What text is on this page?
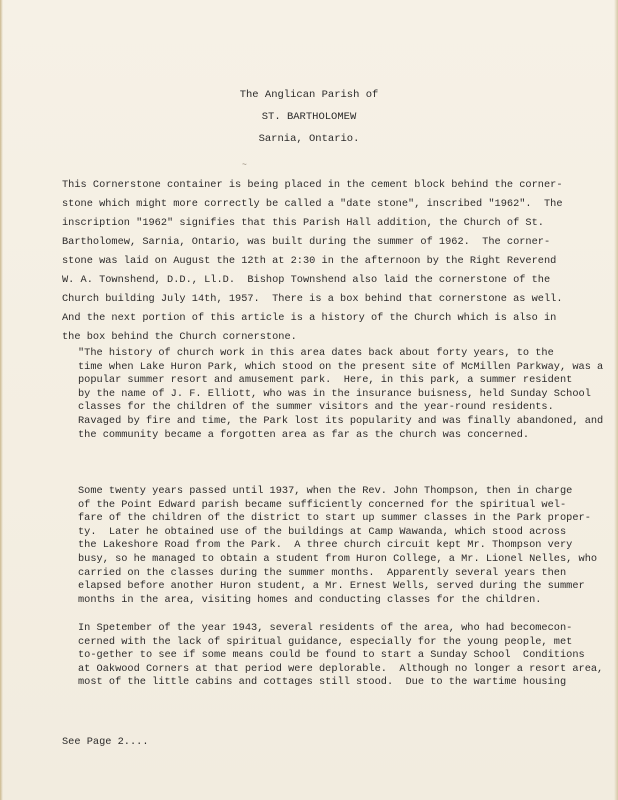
The Anglican Parish of
ST. BARTHOLOMEW
Sarnia, Ontario.
~

This Cornerstone container is being placed in the cement block behind the corner-
stone which might more correctly be called a "date stone", inscribed "1962".  The
inscription "1962" signifies that this Parish Hall addition, the Church of St.
Bartholomew, Sarnia, Ontario, was built during the summer of 1962.  The corner-
stone was laid on August the 12th at 2:30 in the afternoon by the Right Reverend
W. A. Townshend, D.D., Ll.D.  Bishop Townshend also laid the cornerstone of the
Church building July 14th, 1957.  There is a box behind that cornerstone as well.
And the next portion of this article is a history of the Church which is also in
the box behind the Church cornerstone.

"The history of church work in this area dates back about forty years, to the
time when Lake Huron Park, which stood on the present site of McMillen Parkway, was a
popular summer resort and amusement park.  Here, in this park, a summer resident
by the name of J. F. Elliott, who was in the insurance buisness, held Sunday School
classes for the children of the summer visitors and the year-round residents.
Ravaged by fire and time, the Park lost its popularity and was finally abandoned, and
the community became a forgotten area as far as the church was concerned.

Some twenty years passed until 1937, when the Rev. John Thompson, then in charge
of the Point Edward parish became sufficiently concerned for the spiritual wel-
fare of the children of the district to start up summer classes in the Park proper-
ty.  Later he obtained use of the buildings at Camp Wawanda, which stood across
the Lakeshore Road from the Park.  A three church circuit kept Mr. Thompson very
busy, so he managed to obtain a student from Huron College, a Mr. Lionel Nelles, who
carried on the classes during the summer months.  Apparently several years then
elapsed before another Huron student, a Mr. Ernest Wells, served during the summer
months in the area, visiting homes and conducting classes for the children.

In Spetember of the year 1943, several residents of the area, who had becomecon-
cerned with the lack of spiritual guidance, especially for the young people, met
to-gether to see if some means could be found to start a Sunday School  Conditions
at Oakwood Corners at that period were deplorable.  Although no longer a resort area,
most of the little cabins and cottages still stood.  Due to the wartime housing

See Page 2....
